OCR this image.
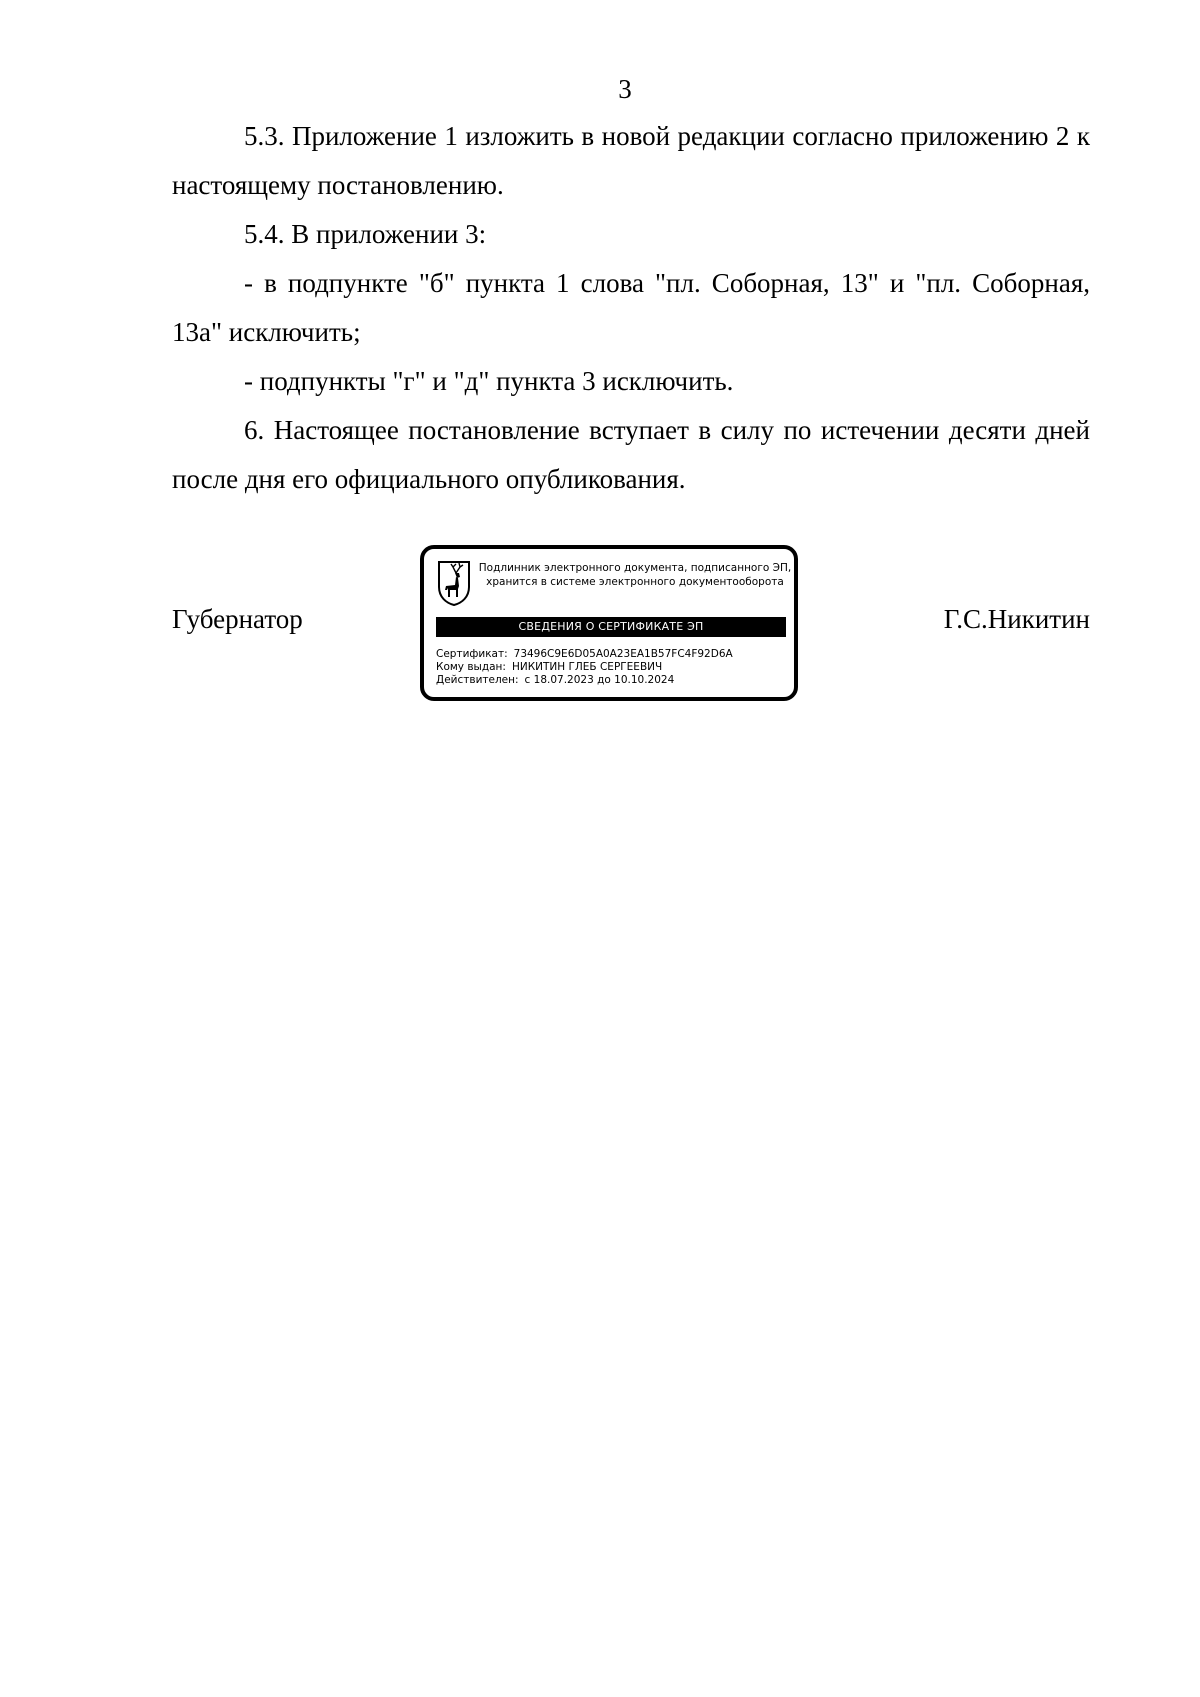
3

5.3. Приложение 1 изложить в новой редакции согласно приложению 2 к настоящему постановлению.

5.4. В приложении 3:

- в подпункте "б" пункта 1 слова "пл. Соборная, 13" и "пл. Соборная, 13а" исключить;

- подпункты "г" и "д" пункта 3 исключить.

6. Настоящее постановление вступает в силу по истечении десяти дней после дня его официального опубликования.

Губернатор
Подлинник электронного документа, подписанного ЭП,
хранится в системе электронного документооборота
СВЕДЕНИЯ О СЕРТИФИКАТЕ ЭП
Сертификат: 73496C9E6D05A0A23EA1B57FC4F92D6A
Кому выдан: НИКИТИН ГЛЕБ СЕРГЕЕВИЧ
Действителен: с 18.07.2023 до 10.10.2024
Г.С.Никитин
